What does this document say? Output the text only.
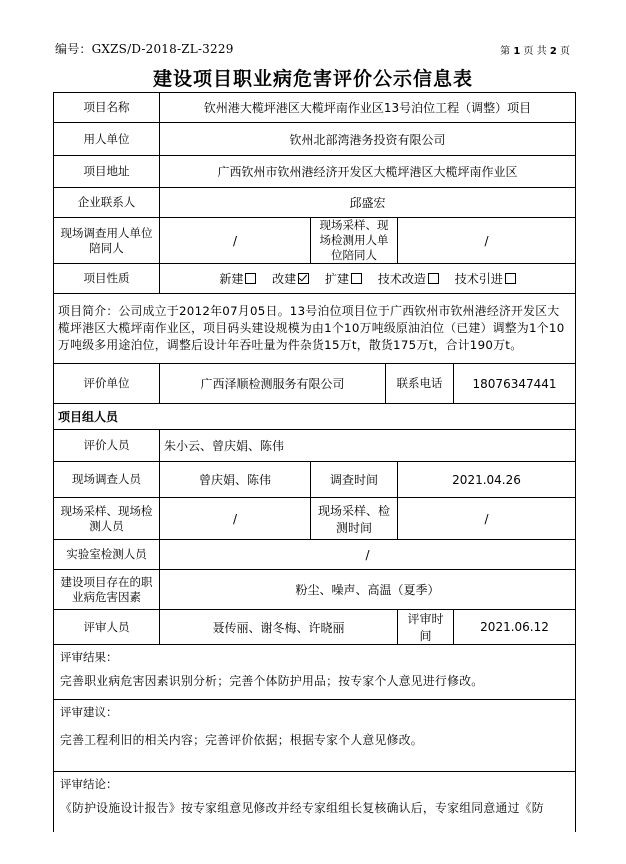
编号：GXZS/D-2018-ZL-3229	第 1 页 共 2 页
建设项目职业病危害评价公示信息表
项目名称	钦州港大榄坪港区大榄坪南作业区13号泊位工程（调整）项目				
用人单位	钦州北部湾港务投资有限公司				
项目地址	广西钦州市钦州港经济开发区大榄坪港区大榄坪南作业区				
企业联系人	邱盛宏				
现场调查用人单位陪同人	/	现场采样、现场检测用人单位陪同人		/	
项目性质	新建 改建 扩建 技术改造 技术引进				
项目简介：公司成立于2012年07月05日。13号泊位项目位于广西钦州市钦州港经济开发区大榄坪港区大榄坪南作业区，项目码头建设规模为由1个10万吨级原油泊位（已建）调整为1个10万吨级多用途泊位，调整后设计年吞吐量为件杂货15万t，散货175万t，合计190万t。					
评价单位	广西泽顺检测服务有限公司		联系电话		18076347441
项目组人员					
评价人员	朱小云、曾庆娟、陈伟				
现场调查人员	曾庆娟、陈伟	调查时间		2021.04.26	
现场采样、现场检测人员	/	现场采样、检测时间		/	
实验室检测人员	/				
建设项目存在的职业病危害因素	粉尘、噪声、高温（夏季）				
评审人员	聂传丽、谢冬梅、许晓丽			评审时间	2021.06.12

评审结果：
完善职业病危害因素识别分析；完善个体防护用品；按专家个人意见进行修改。					

评审建议：
完善工程利旧的相关内容；完善评价依据；根据专家个人意见修改。					

评审结论：
《防护设施设计报告》按专家组意见修改并经专家组组长复核确认后，专家组同意通过《防					
